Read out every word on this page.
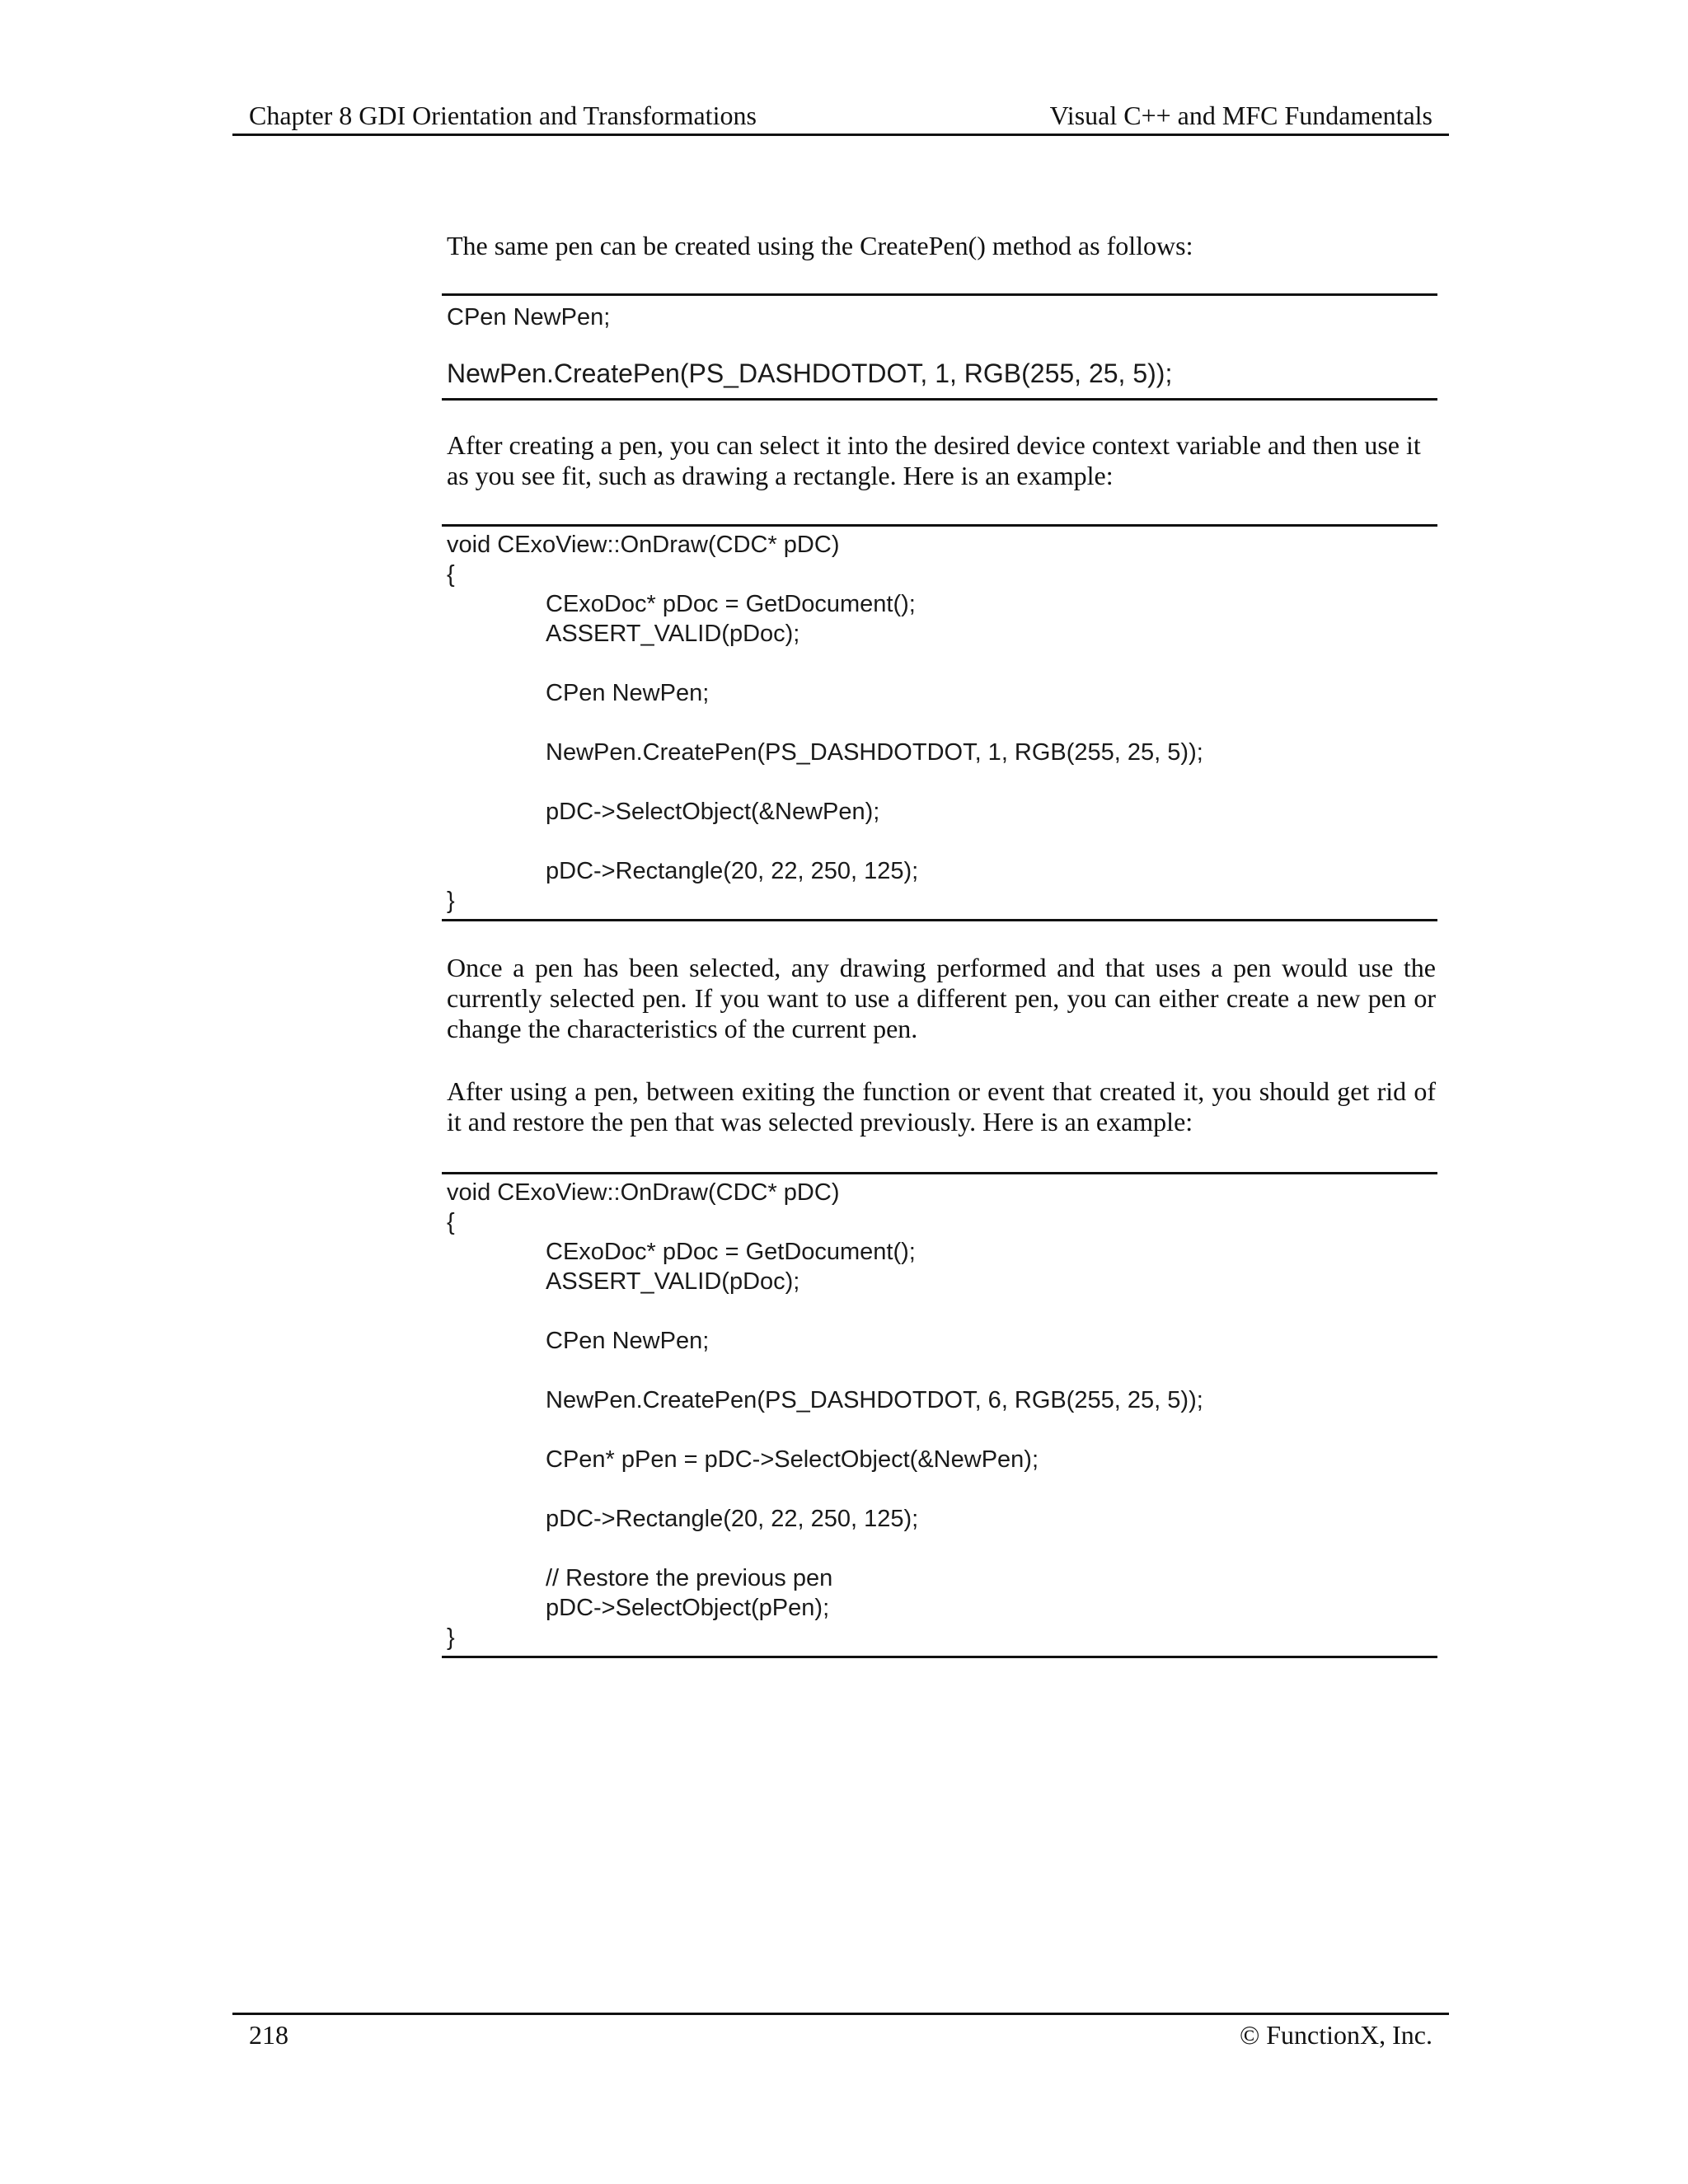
Chapter 8 GDI Orientation and Transformations	Visual C++ and MFC Fundamentals

The same pen can be created using the CreatePen() method as follows:

CPen NewPen;
NewPen.CreatePen(PS_DASHDOTDOT, 1, RGB(255, 25, 5));

After creating a pen, you can select it into the desired device context variable and then use it as you see fit, such as drawing a rectangle. Here is an example:

void CExoView::OnDraw(CDC* pDC)
{
CExoDoc* pDoc = GetDocument();
ASSERT_VALID(pDoc);
CPen NewPen;
NewPen.CreatePen(PS_DASHDOTDOT, 1, RGB(255, 25, 5));
pDC->SelectObject(&NewPen);
pDC->Rectangle(20, 22, 250, 125);
}

Once a pen has been selected, any drawing performed and that uses a pen would use the currently selected pen. If you want to use a different pen, you can either create a new pen or change the characteristics of the current pen.

After using a pen, between exiting the function or event that created it, you should get rid of it and restore the pen that was selected previously. Here is an example:

void CExoView::OnDraw(CDC* pDC)
{
CExoDoc* pDoc = GetDocument();
ASSERT_VALID(pDoc);
CPen NewPen;
NewPen.CreatePen(PS_DASHDOTDOT, 6, RGB(255, 25, 5));
CPen* pPen = pDC->SelectObject(&NewPen);
pDC->Rectangle(20, 22, 250, 125);
// Restore the previous pen
pDC->SelectObject(pPen);
}
218	© FunctionX, Inc.
